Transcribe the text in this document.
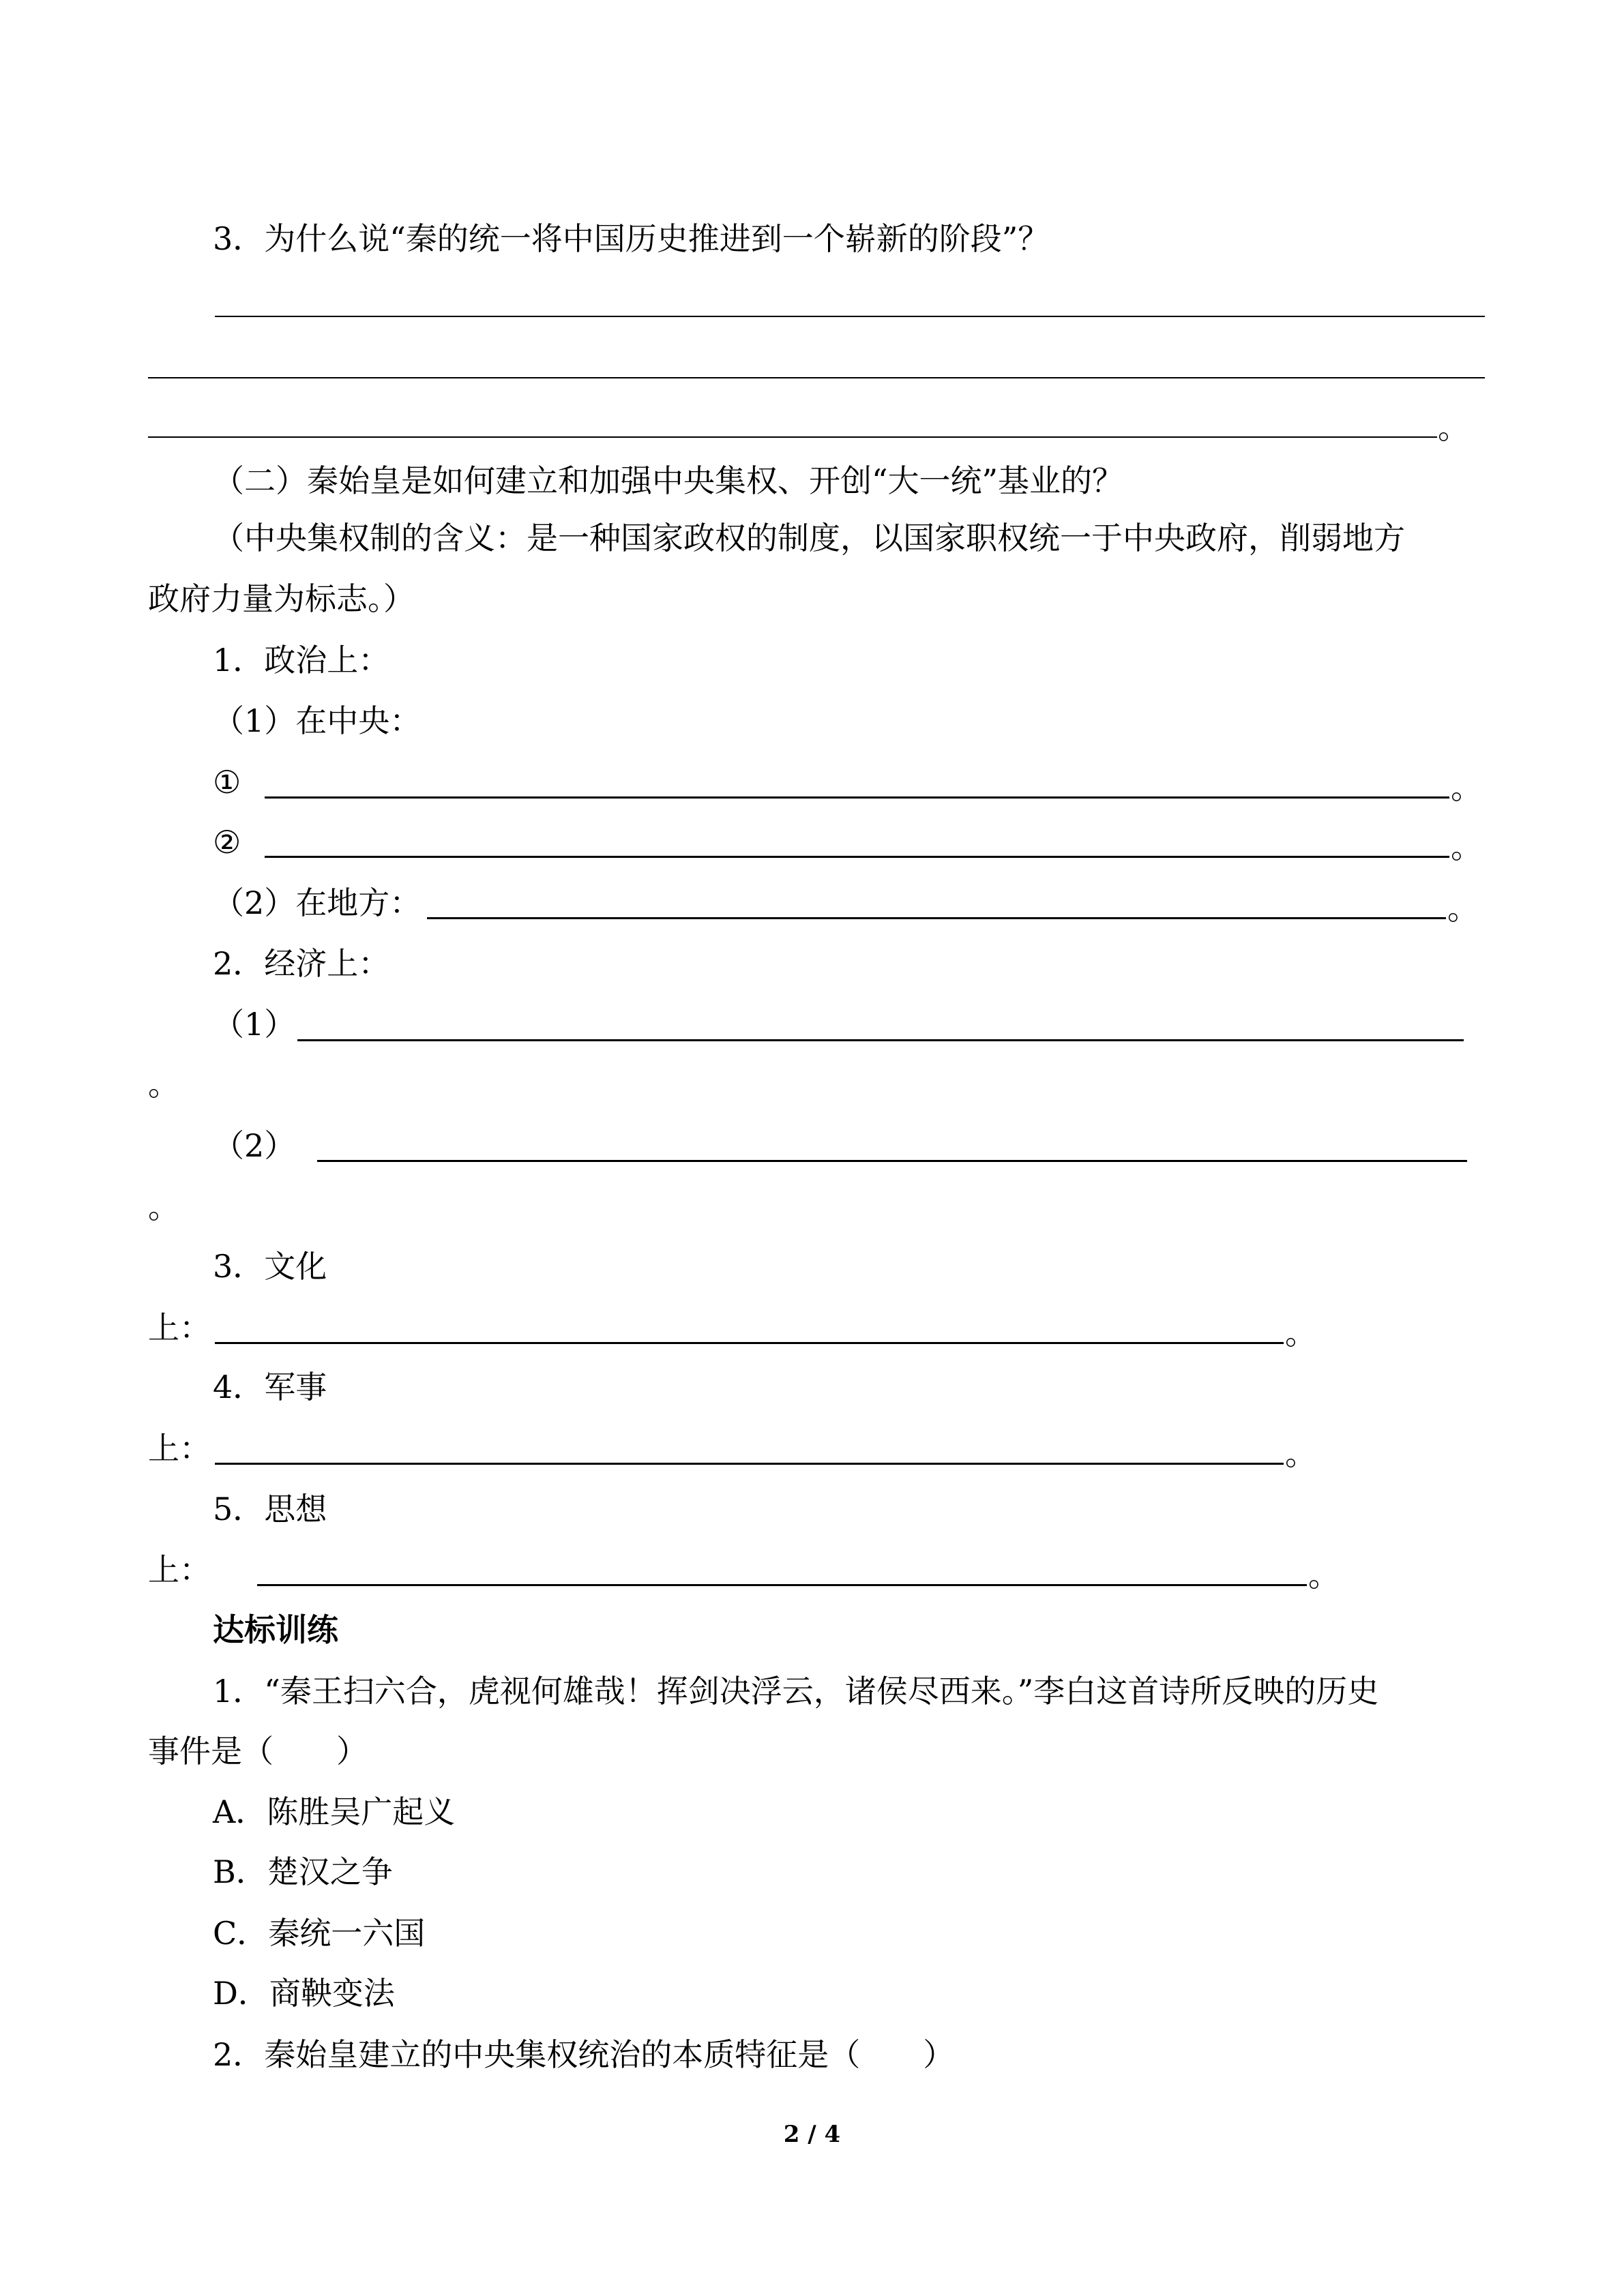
3．为什么说“秦的统一将中国历史推进到一个崭新的阶段”？
。
（二）秦始皇是如何建立和加强中央集权、开创“大一统”基业的？
（中央集权制的含义：是一种国家政权的制度，以国家职权统一于中央政府，削弱地方
政府力量为标志。）
1．政治上：
（1）在中央：
①	。
②	。
（2）在地方：	。
2．经济上：
（1）
。
（2）
。
3．文化
上：	。
4．军事
上：	。
5．思想
上：	。
达标训练
1．“秦王扫六合，虎视何雄哉！挥剑决浮云，诸侯尽西来。”李白这首诗所反映的历史
事件是（　　）
A．陈胜吴广起义
B．楚汉之争
C．秦统一六国
D．商鞅变法
2．秦始皇建立的中央集权统治的本质特征是（　　）
2 / 4
